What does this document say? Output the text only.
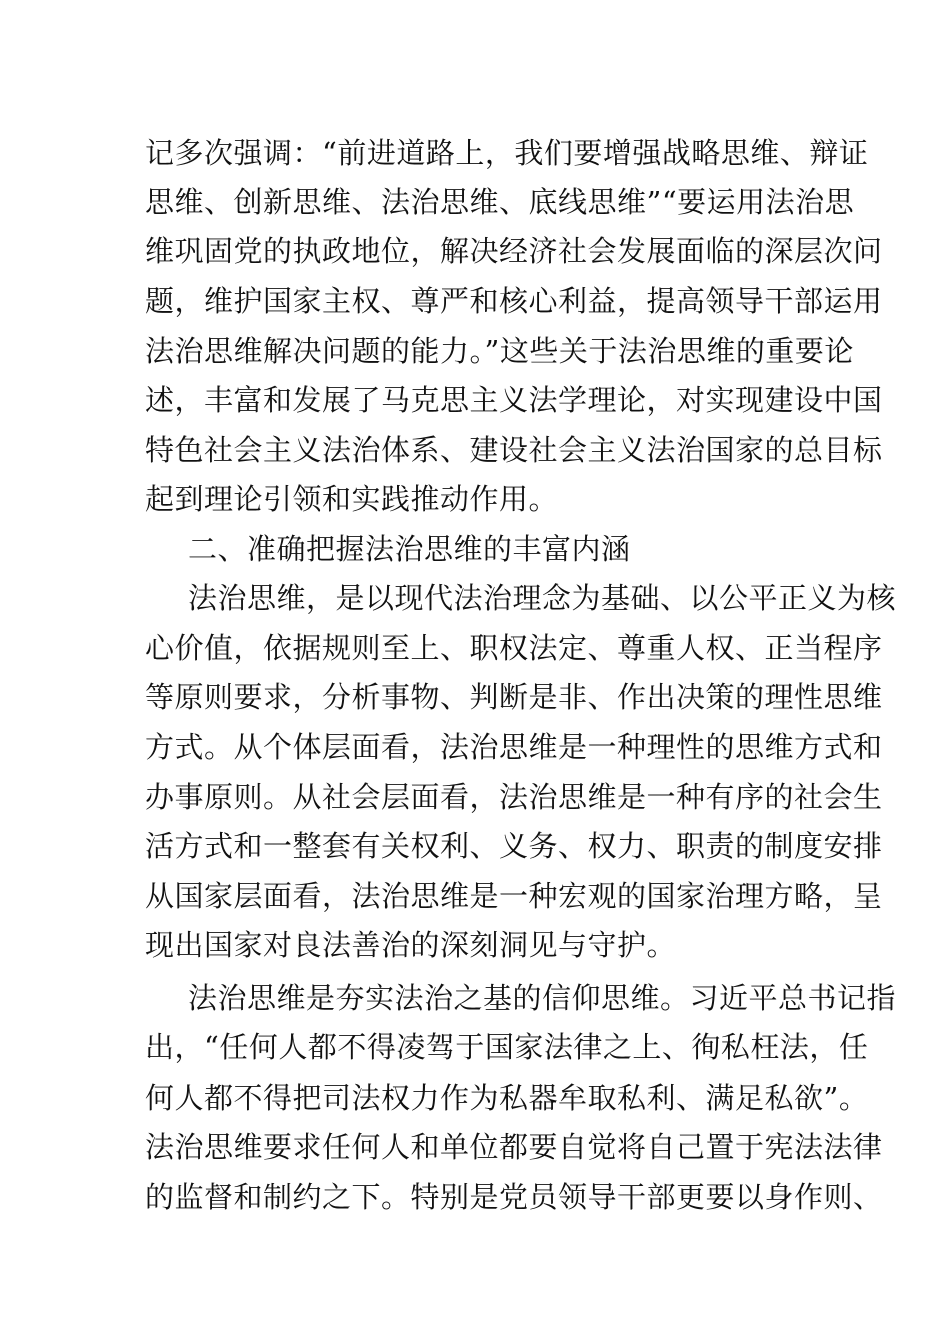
记多次强调：“前进道路上，我们要增强战略思维、辩证
思维、创新思维、法治思维、底线思维”“要运用法治思
维巩固党的执政地位，解决经济社会发展面临的深层次问
题，维护国家主权、尊严和核心利益，提高领导干部运用
法治思维解决问题的能力。”这些关于法治思维的重要论
述，丰富和发展了马克思主义法学理论，对实现建设中国
特色社会主义法治体系、建设社会主义法治国家的总目标
起到理论引领和实践推动作用。
二、准确把握法治思维的丰富内涵
法治思维，是以现代法治理念为基础、以公平正义为核
心价值，依据规则至上、职权法定、尊重人权、正当程序
等原则要求，分析事物、判断是非、作出决策的理性思维
方式。从个体层面看，法治思维是一种理性的思维方式和
办事原则。从社会层面看，法治思维是一种有序的社会生
活方式和一整套有关权利、义务、权力、职责的制度安排
从国家层面看，法治思维是一种宏观的国家治理方略，呈
现出国家对良法善治的深刻洞见与守护。
法治思维是夯实法治之基的信仰思维。习近平总书记指
出，“任何人都不得凌驾于国家法律之上、徇私枉法，任
何人都不得把司法权力作为私器牟取私利、满足私欲”。
法治思维要求任何人和单位都要自觉将自己置于宪法法律
的监督和制约之下。特别是党员领导干部更要以身作则、
